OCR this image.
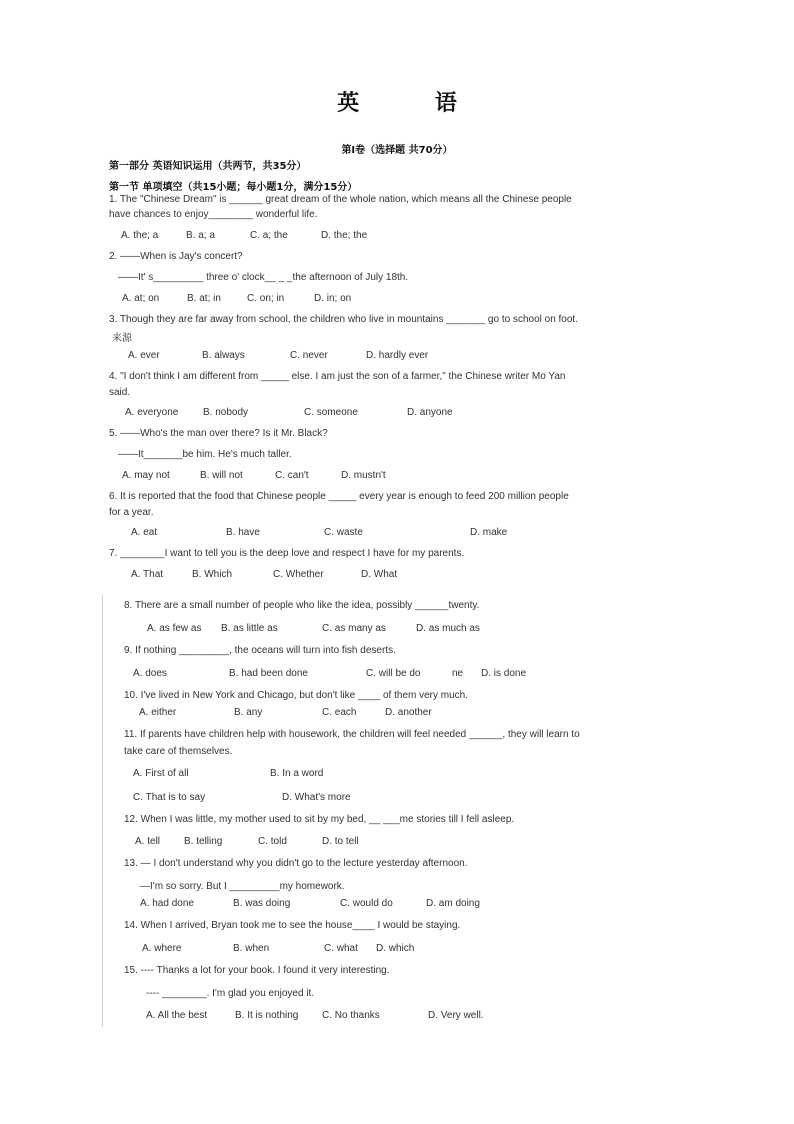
英 语
第Ⅰ卷（选择题 共70分）
第一部分 英语知识运用（共两节，共35分）
第一节 单项填空（共15小题；每小题1分，满分15分）
1. The "Chinese Dream" is ______ great dream of the whole nation, which means all the Chinese people
have chances to enjoy________ wonderful life.
A. the; a	B. a; a	C. a; the	D. the; the
2. ——When is Jay's concert?
——It' s_________ three o' clock__ _ _the afternoon of July 18th.
A. at; on	B. at; in	C. on; in	D. in; on
3. Though they are far away from school, the children who live in mountains _______ go to school on foot.
来源
A. ever	B. always	C. never	D. hardly ever
4. "I don't think I am different from _____ else. I am just the son of a farmer," the Chinese writer Mo Yan
said.
A. everyone B. nobody	C. someone	D. anyone
5. ——Who's the man over there? Is it Mr. Black?
——It_______be him. He's much taller.
A. may not	B. will not	C. can't	D. mustn't
6. It is reported that the food that Chinese people _____ every year is enough to feed 200 million people
for a year.
A. eat	B. have	C. waste	D. make
7. ________I want to tell you is the deep love and respect I have for my parents.
A. That	B. Which	C. Whether	D. What
8. There are a small number of people who like the idea, possibly ______twenty.
A. as few as B. as little as	C. as many as	D. as much as
9. If nothing _________, the oceans will turn into fish deserts.
A. does	B. had been done	C. will be do	ne D. is done
10. I've lived in New York and Chicago, but don't like ____ of them very much.
A. either	B. any	C. each	D. another
11. If parents have children help with housework, the children will feel needed ______, they will learn to
take care of themselves.
A. First of all	B. In a word
C. That is to say	D. What's more
12. When I was little, my mother used to sit by my bed, __ ___me stories till I fell asleep.
A. tell B. telling	C. told	D. to tell
13. — I don't understand why you didn't go to the lecture yesterday afternoon.
—I'm so sorry. But I _________my homework.
A. had done	B. was doing	C. would do	D. am doing
14. When I arrived, Bryan took me to see the house____ I would be staying.
A. where	B. when	C. what D. which
15. ---- Thanks a lot for your book. I found it very interesting.
---- ________. I'm glad you enjoyed it.
A. All the best	B. It is nothing C. No thanks	D. Very well.
